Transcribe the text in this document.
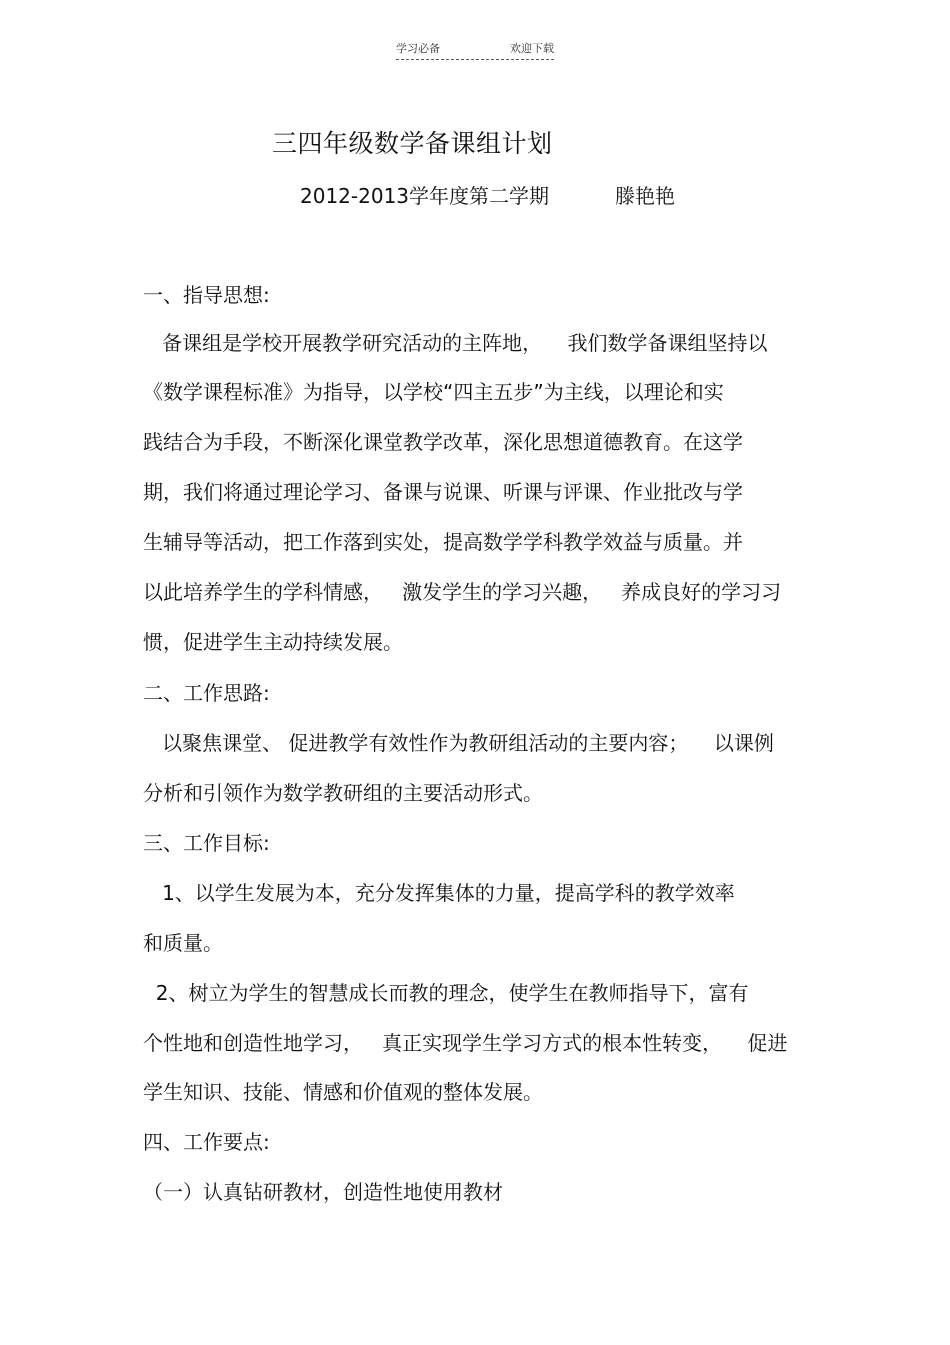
学习必备	欢迎下载
三四年级数学备课组计划
2012-2013学年度第二学期	滕艳艳
一、指导思想:
备课组是学校开展教学研究活动的主阵地，    我们数学备课组坚持以
《数学课程标准》为指导，以学校“四主五步”为主线，以理论和实
践结合为手段，不断深化课堂教学改革，深化思想道德教育。在这学
期，我们将通过理论学习、备课与说课、听课与评课、作业批改与学
生辅导等活动，把工作落到实处，提高数学学科教学效益与质量。并
以此培养学生的学科情感，   激发学生的学习兴趣，   养成良好的学习习
惯，促进学生主动持续发展。
二、工作思路:
以聚焦课堂、 促进教学有效性作为教研组活动的主要内容；    以课例
分析和引领作为数学教研组的主要活动形式。
三、工作目标:
1、以学生发展为本，充分发挥集体的力量，提高学科的教学效率
和质量。
2、树立为学生的智慧成长而教的理念，使学生在教师指导下，富有
个性地和创造性地学习，   真正实现学生学习方式的根本性转变，    促进
学生知识、技能、情感和价值观的整体发展。
四、工作要点:
（一）认真钻研教材，创造性地使用教材
